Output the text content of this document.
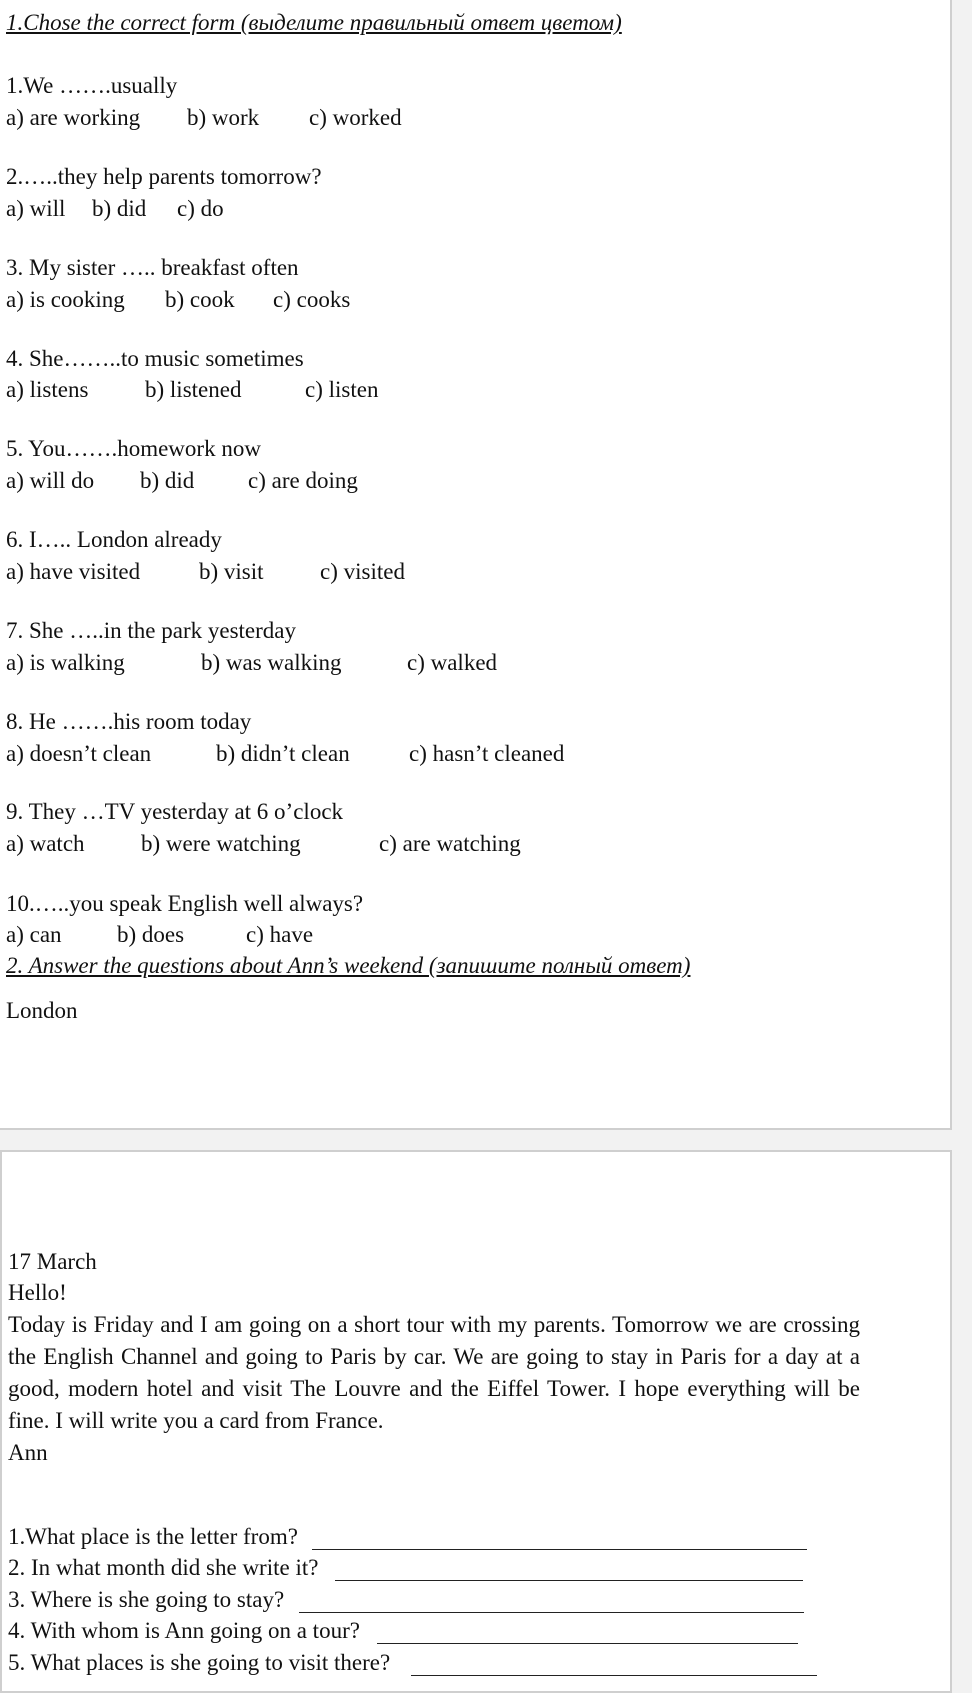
1.Chose the correct form (выделите правильный ответ цветом)
1.We …….usually
a) are working b) work c) worked
2.…..they help parents tomorrow?
a) will b) did c) do
3. My sister ….. breakfast often
a) is cooking b) cook c) cooks
4. She……..to music sometimes
a) listens b) listened	c) listen
5. You…….homework now
a) will do b) did c) are doing
6. I….. London already
a) have visited	b) visit c) visited
7. She …..in the park yesterday
a) is walking	b) was walking	c) walked
8. He …….his room today
a) doesn’t clean	b) didn’t clean	c) hasn’t cleaned
9. They …TV yesterday at 6 o’clock
a) watch b) were watching	c) are watching
10.…..you speak English well always?
a) can b) does	c) have
2. Answer the questions about Ann’s weekend (запишите полный ответ)
London
17 March
Hello!
Today is Friday and I am going on a short tour with my parents. Tomorrow we are crossing the English Channel and going to Paris by car. We are going to stay in Paris for a day at a good, modern hotel and visit The Louvre and the Eiffel Tower. I hope everything will be fine. I will write you a card from France.
Ann
1.What place is the letter from?
2. In what month did she write it?
3. Where is she going to stay?
4. With whom is Ann going on a tour?
5. What places is she going to visit there?
